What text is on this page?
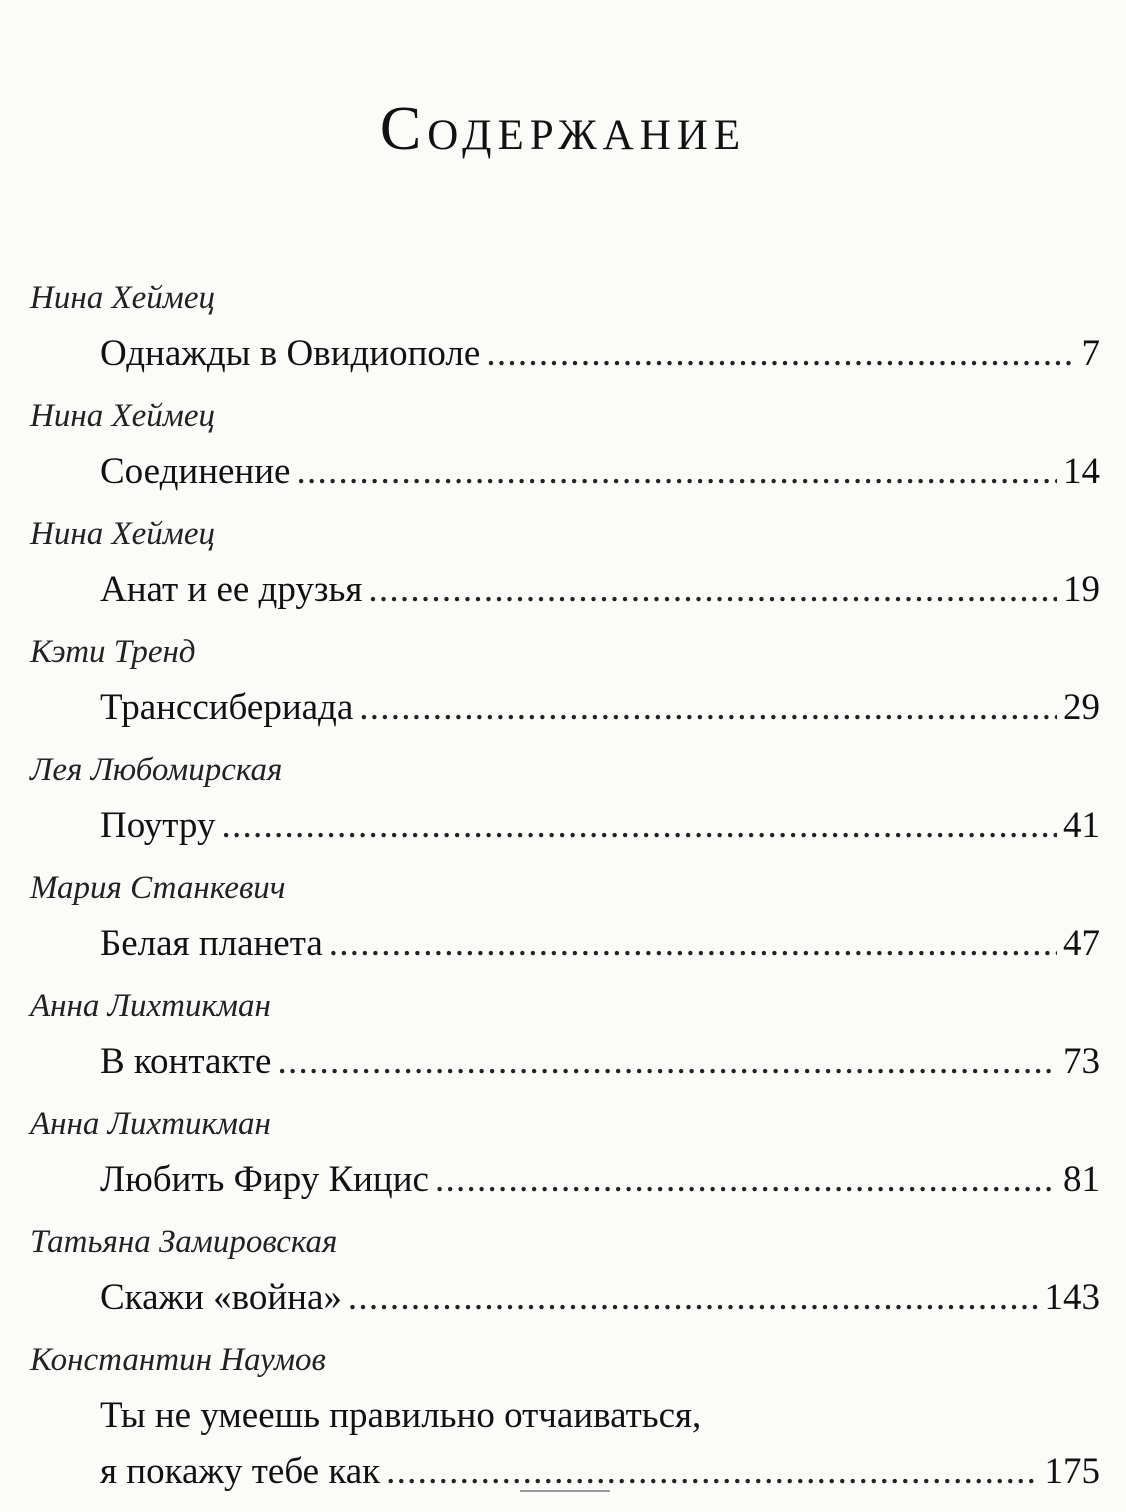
Содержание
Нина Хеймец
Однажды в Овидиополе . . .	7
Нина Хеймец
Соединение . . .	14
Нина Хеймец
Анат и ее друзья . . .	19
Кэти Тренд
Транссибериада . . .	29
Лея Любомирская
Поутру . . .	41
Мария Станкевич
Белая планета . . .	47
Анна Лихтикман
В контакте . . .	73
Анна Лихтикман
Любить Фиру Кицис . . .	81
Татьяна Замировская
Скажи «война» . . .	143
Константин Наумов
Ты не умеешь правильно отчаиваться,
я покажу тебе как . . .	175
